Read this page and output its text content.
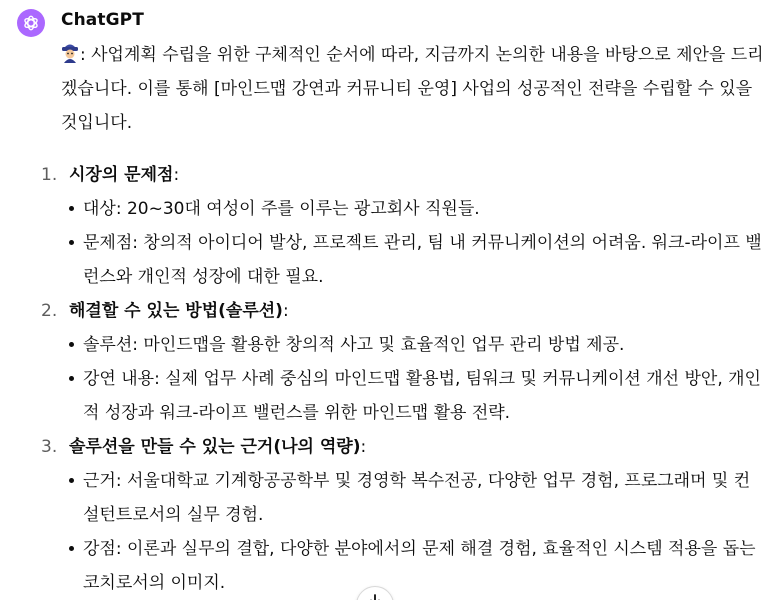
ChatGPT

: 사업계획 수립을 위한 구체적인 순서에 따라, 지금까지 논의한 내용을 바탕으로 제안을 드리겠습니다. 이를 통해 [마인드맵 강연과 커뮤니티 운영] 사업의 성공적인 전략을 수립할 수 있을 것입니다.

1. 시장의 문제점:
대상: 20~30대 여성이 주를 이루는 광고회사 직원들.
문제점: 창의적 아이디어 발상, 프로젝트 관리, 팀 내 커뮤니케이션의 어려움. 워크-라이프 밸런스와 개인적 성장에 대한 필요.
2. 해결할 수 있는 방법(솔루션):
솔루션: 마인드맵을 활용한 창의적 사고 및 효율적인 업무 관리 방법 제공.
강연 내용: 실제 업무 사례 중심의 마인드맵 활용법, 팀워크 및 커뮤니케이션 개선 방안, 개인적 성장과 워크-라이프 밸런스를 위한 마인드맵 활용 전략.
3. 솔루션을 만들 수 있는 근거(나의 역량):
근거: 서울대학교 기계항공공학부 및 경영학 복수전공, 다양한 업무 경험, 프로그래머 및 컨설턴트로서의 실무 경험.
강점: 이론과 실무의 결합, 다양한 분야에서의 문제 해결 경험, 효율적인 시스템 적용을 돕는 코치로서의 이미지.
